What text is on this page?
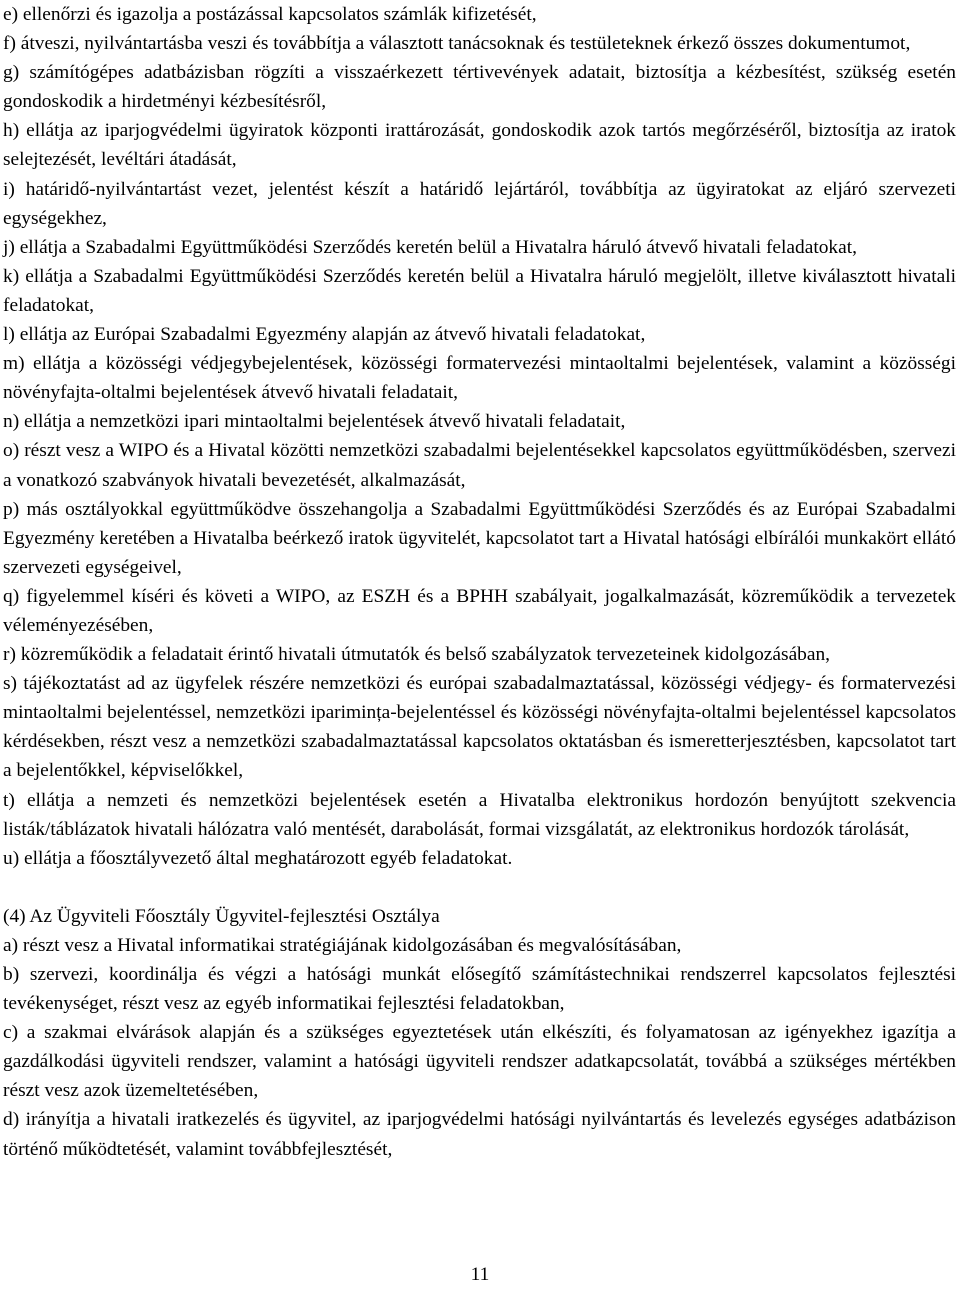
e) ellenőrzi és igazolja a postázással kapcsolatos számlák kifizetését,

f) átveszi, nyilvántartásba veszi és továbbítja a választott tanácsoknak és testületeknek érkező összes dokumentumot,

g) számítógépes adatbázisban rögzíti a visszaérkezett tértivevények adatait, biztosítja a kézbesítést, szükség esetén gondoskodik a hirdetményi kézbesítésről,

h) ellátja az iparjogvédelmi ügyiratok központi irattározását, gondoskodik azok tartós megőrzéséről, biztosítja az iratok selejtezését, levéltári átadását,

i) határidő-nyilvántartást vezet, jelentést készít a határidő lejártáról, továbbítja az ügyiratokat az eljáró szervezeti egységekhez,

j) ellátja a Szabadalmi Együttműködési Szerződés keretén belül a Hivatalra háruló átvevő hivatali feladatokat,

k) ellátja a Szabadalmi Együttműködési Szerződés keretén belül a Hivatalra háruló megjelölt, illetve kiválasztott hivatali feladatokat,

l) ellátja az Európai Szabadalmi Egyezmény alapján az átvevő hivatali feladatokat,

m) ellátja a közösségi védjegybejelentések, közösségi formatervezési mintaoltalmi bejelentések, valamint a közösségi növényfajta-oltalmi bejelentések átvevő hivatali feladatait,

n) ellátja a nemzetközi ipari mintaoltalmi bejelentések átvevő hivatali feladatait,

o) részt vesz a WIPO és a Hivatal közötti nemzetközi szabadalmi bejelentésekkel kapcsolatos együttműködésben, szervezi a vonatkozó szabványok hivatali bevezetését, alkalmazását,

p) más osztályokkal együttműködve összehangolja a Szabadalmi Együttműködési Szerződés és az Európai Szabadalmi Egyezmény keretében a Hivatalba beérkező iratok ügyvitelét, kapcsolatot tart a Hivatal hatósági elbírálói munkakört ellátó szervezeti egységeivel,

q) figyelemmel kíséri és követi a WIPO, az ESZH és a BPHH szabályait, jogalkalmazását, közreműködik a tervezetek véleményezésében,

r) közreműködik a feladatait érintő hivatali útmutatók és belső szabályzatok tervezeteinek kidolgozásában,

s) tájékoztatást ad az ügyfelek részére nemzetközi és európai szabadalmaztatással, közösségi védjegy- és formatervezési mintaoltalmi bejelentéssel, nemzetközi iparimința-bejelentéssel és közösségi növényfajta-oltalmi bejelentéssel kapcsolatos kérdésekben, részt vesz a nemzetközi szabadalmaztatással kapcsolatos oktatásban és ismeretterjesztésben, kapcsolatot tart a bejelentőkkel, képviselőkkel,

t) ellátja a nemzeti és nemzetközi bejelentések esetén a Hivatalba elektronikus hordozón benyújtott szekvencia listák/táblázatok hivatali hálózatra való mentését, darabolását, formai vizsgálatát, az elektronikus hordozók tárolását,

u) ellátja a főosztályvezető által meghatározott egyéb feladatokat.

(4) Az Ügyviteli Főosztály Ügyvitel-fejlesztési Osztálya

a) részt vesz a Hivatal informatikai stratégiájának kidolgozásában és megvalósításában,

b) szervezi, koordinálja és végzi a hatósági munkát elősegítő számítástechnikai rendszerrel kapcsolatos fejlesztési tevékenységet, részt vesz az egyéb informatikai fejlesztési feladatokban,

c) a szakmai elvárások alapján és a szükséges egyeztetések után elkészíti, és folyamatosan az igényekhez igazítja a gazdálkodási ügyviteli rendszer, valamint a hatósági ügyviteli rendszer adatkapcsolatát, továbbá a szükséges mértékben részt vesz azok üzemeltetésében,

d) irányítja a hivatali iratkezelés és ügyvitel, az iparjogvédelmi hatósági nyilvántartás és levelezés egységes adatbázison történő működtetését, valamint továbbfejlesztését,

11
